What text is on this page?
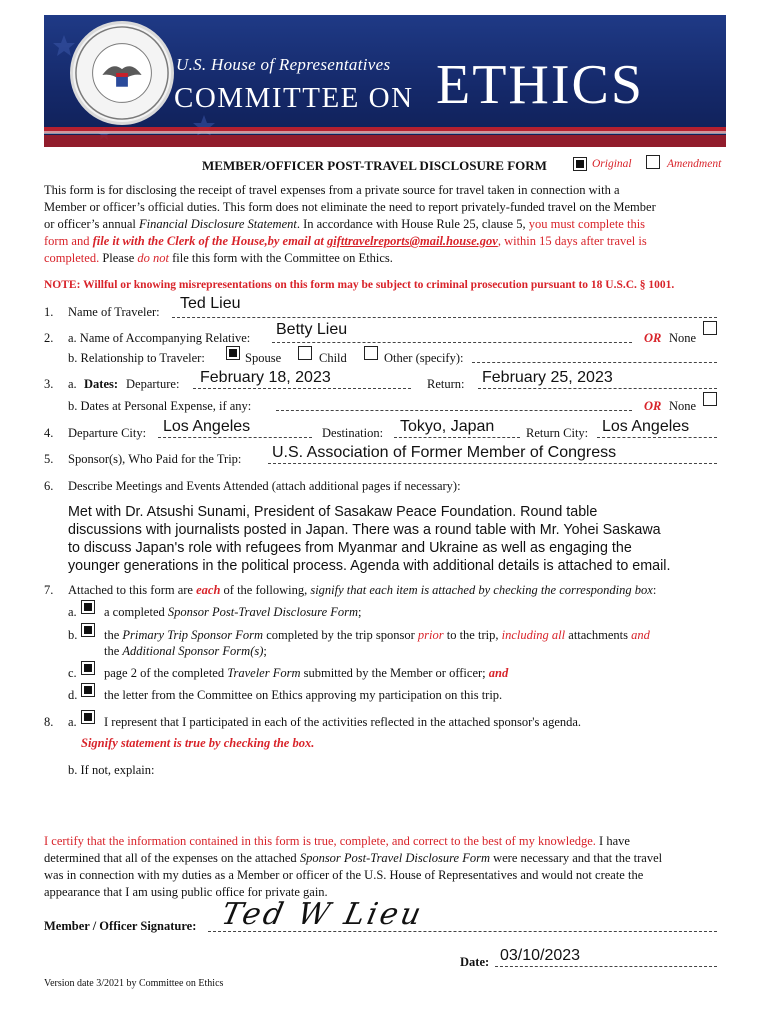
U.S. House of Representatives
COMMITTEE ON ETHICS
MEMBER/OFFICER POST-TRAVEL DISCLOSURE FORM	Original	Amendment
This form is for disclosing the receipt of travel expenses from a private source for travel taken in connection with a
Member or officer’s official duties. This form does not eliminate the need to report privately-funded travel on the Member
or officer’s annual Financial Disclosure Statement. In accordance with House Rule 25, clause 5, you must complete this
form and file it with the Clerk of the House,by email at gifttravelreports@mail.house.gov, within 15 days after travel is
completed. Please do not file this form with the Committee on Ethics.
NOTE: Willful or knowing misrepresentations on this form may be subject to criminal prosecution pursuant to 18 U.S.C. § 1001.
1. Name of Traveler: Ted Lieu
2. a. Name of Accompanying Relative: Betty Lieu	OR None
b. Relationship to Traveler:	Spouse	Child	Other (specify):
3. a. Dates: Departure: February 18, 2023	Return: February 25, 2023
b. Dates at Personal Expense, if any:	OR None
4. Departure City: Los Angeles	Destination: Tokyo, Japan	Return City: Los Angeles
5. Sponsor(s), Who Paid for the Trip: U.S. Association of Former Member of Congress
6. Describe Meetings and Events Attended (attach additional pages if necessary):
Met with Dr. Atsushi Sunami, President of Sasakaw Peace Foundation. Round table
discussions with journalists posted in Japan. There was a round table with Mr. Yohei Saskawa
to discuss Japan's role with refugees from Myanmar and Ukraine as well as engaging the
younger generations in the political process. Agenda with additional details is attached to email.
7. Attached to this form are each of the following, signify that each item is attached by checking the corresponding box:
a. a completed Sponsor Post-Travel Disclosure Form;
b. the Primary Trip Sponsor Form completed by the trip sponsor prior to the trip, including all attachments and
the Additional Sponsor Form(s);
c. page 2 of the completed Traveler Form submitted by the Member or officer; and
d. the letter from the Committee on Ethics approving my participation on this trip.
8. a. I represent that I participated in each of the activities reflected in the attached sponsor's agenda.
Signify statement is true by checking the box.
b. If not, explain:
I certify that the information contained in this form is true, complete, and correct to the best of my knowledge. I have
determined that all of the expenses on the attached Sponsor Post-Travel Disclosure Form were necessary and that the travel
was in connection with my duties as a Member or officer of the U.S. House of Representatives and would not create the
appearance that I am using public office for private gain.
Member / Officer Signature: Ted W Lieu
Date: 03/10/2023
Version date 3/2021 by Committee on Ethics
